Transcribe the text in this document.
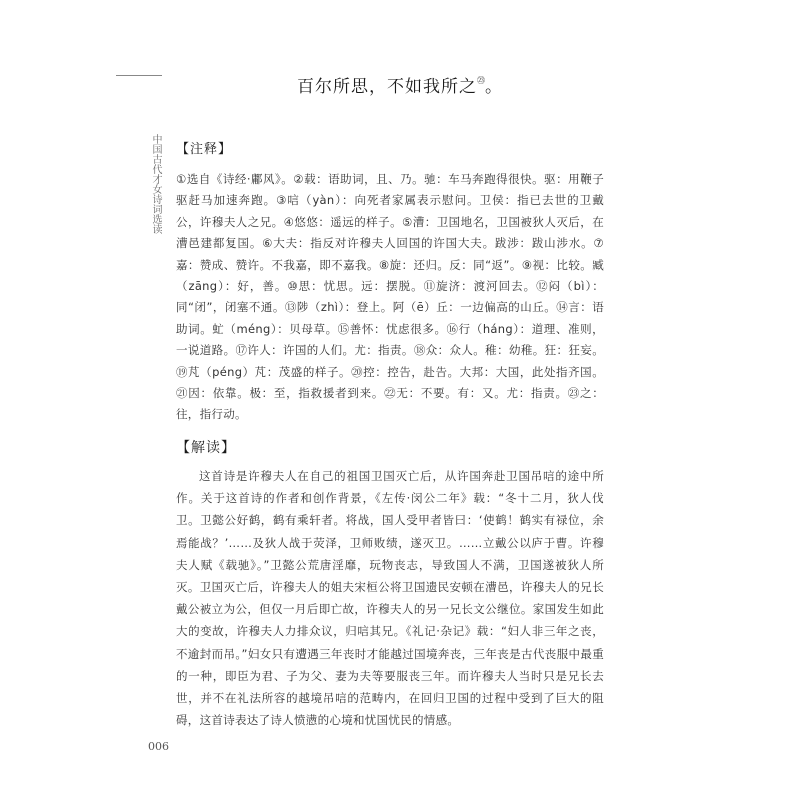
中国古代才女诗词选读
百尔所思，不如我所之$^㉓$。
【注释】
①选自《诗经·鄘风》。②载：语助词，且、乃。驰：车马奔跑得很快。驱：用鞭子驱赶马加速奔跑。③唁（yàn）：向死者家属表示慰问。卫侯：指已去世的卫戴公，许穆夫人之兄。④悠悠：遥远的样子。⑤漕：卫国地名，卫国被狄人灭后，在漕邑建都复国。⑥大夫：指反对许穆夫人回国的许国大夫。跋涉：跋山涉水。⑦嘉：赞成、赞许。不我嘉，即不嘉我。⑧旋：还归。反：同“返”。⑨视：比较。臧（zāng）：好，善。⑩思：忧思。远：摆脱。⑪旋济：渡河回去。⑫闷（bì）：同“闭”，闭塞不通。⑬陟（zhì）：登上。阿（ē）丘：一边偏高的山丘。⑭言：语助词。虻（méng）：贝母草。⑮善怀：忧虑很多。⑯行（háng）：道理、准则，一说道路。⑰许人：许国的人们。尤：指责。⑱众：众人。稚：幼稚。狂：狂妄。⑲芃（péng）芃：茂盛的样子。⑳控：控告，赴告。大邦：大国，此处指齐国。㉑因：依靠。极：至，指救援者到来。㉒无：不要。有：又。尤：指责。㉓之：往，指行动。
【解读】
这首诗是许穆夫人在自己的祖国卫国灭亡后，从许国奔赴卫国吊唁的途中所作。关于这首诗的作者和创作背景，《左传·闵公二年》载：“冬十二月，狄人伐卫。卫懿公好鹤，鹤有乘轩者。将战，国人受甲者皆曰：‘使鹤！鹤实有禄位，余焉能战？’……及狄人战于荧泽，卫师败绩，遂灭卫。……立戴公以庐于曹。许穆夫人赋《载驰》。”卫懿公荒唐淫靡，玩物丧志，导致国人不满，卫国遂被狄人所灭。卫国灭亡后，许穆夫人的姐夫宋桓公将卫国遗民安顿在漕邑，许穆夫人的兄长戴公被立为公，但仅一月后即亡故，许穆夫人的另一兄长文公继位。家国发生如此大的变故，许穆夫人力排众议，归唁其兄。《礼记·杂记》载：“妇人非三年之丧，不逾封而吊。”妇女只有遭遇三年丧时才能越过国境奔丧，三年丧是古代丧服中最重的一种，即臣为君、子为父、妻为夫等要服丧三年。而许穆夫人当时只是兄长去世，并不在礼法所容的越境吊唁的范畴内，在回归卫国的过程中受到了巨大的阻碍，这首诗表达了诗人愤懑的心境和忧国忧民的情感。
006
